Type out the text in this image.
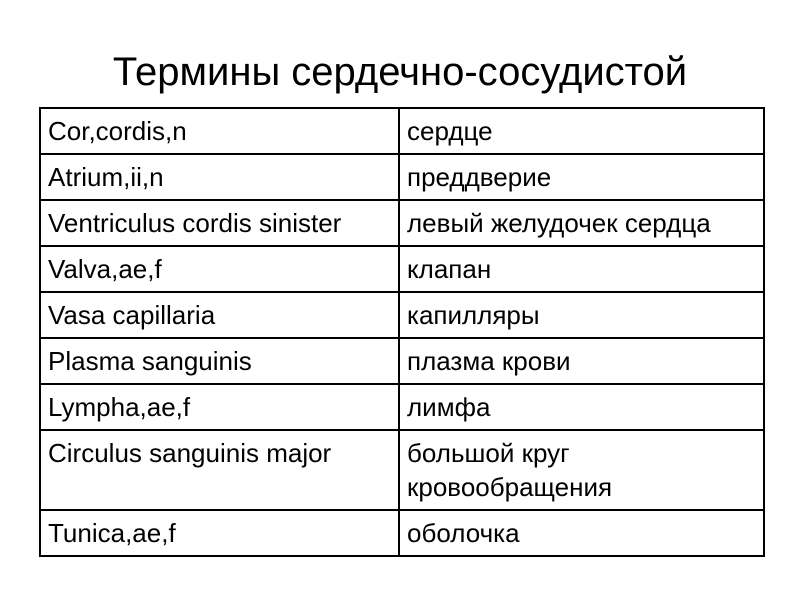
Термины сердечно-сосудистой
Cor,cordis,n	сердце
Atrium,ii,n	преддверие
Ventriculus cordis sinister	левый желудочек сердца
Valva,ae,f	клапан
Vasa capillaria	капилляры
Plasma sanguinis	плазма крови
Lympha,ae,f	лимфа
Circulus sanguinis major	большой круг кровообращения
Tunica,ae,f	оболочка
